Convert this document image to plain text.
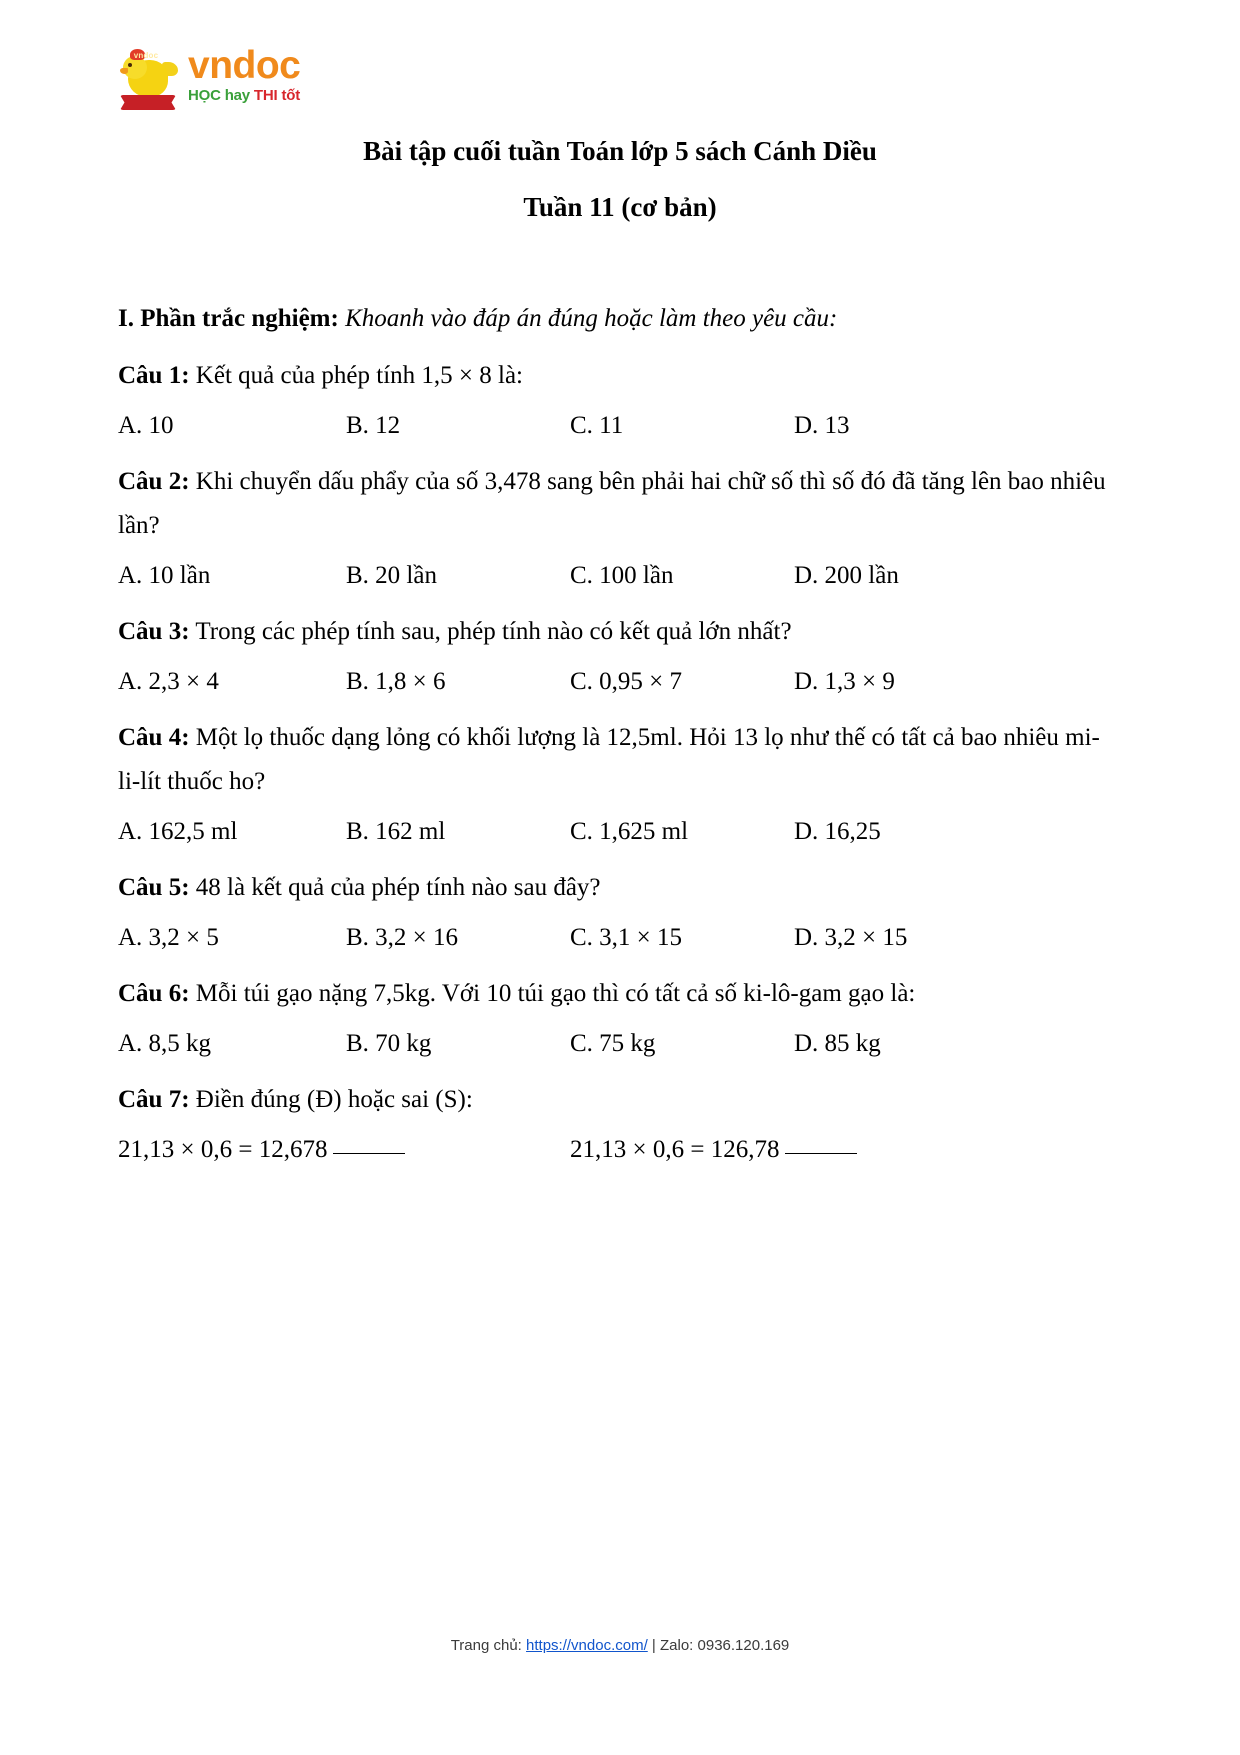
vndoc vndoc
HỌC hay THI tốt
Bài tập cuối tuần Toán lớp 5 sách Cánh Diều
Tuần 11 (cơ bản)
I. Phần trắc nghiệm: Khoanh vào đáp án đúng hoặc làm theo yêu cầu:
Câu 1: Kết quả của phép tính 1,5 × 8 là:
A. 10	B. 12	C. 11	D. 13
Câu 2: Khi chuyển dấu phẩy của số 3,478 sang bên phải hai chữ số thì số đó đã tăng lên bao nhiêu lần?
A. 10 lần	B. 20 lần	C. 100 lần	D. 200 lần
Câu 3: Trong các phép tính sau, phép tính nào có kết quả lớn nhất?
A. 2,3 × 4	B. 1,8 × 6	C. 0,95 × 7	D. 1,3 × 9
Câu 4: Một lọ thuốc dạng lỏng có khối lượng là 12,5ml. Hỏi 13 lọ như thế có tất cả bao nhiêu mi-li-lít thuốc ho?
A. 162,5 ml	B. 162 ml	C. 1,625 ml	D. 16,25
Câu 5: 48 là kết quả của phép tính nào sau đây?
A. 3,2 × 5	B. 3,2 × 16	C. 3,1 × 15	D. 3,2 × 15
Câu 6: Mỗi túi gạo nặng 7,5kg. Với 10 túi gạo thì có tất cả số ki-lô-gam gạo là:
A. 8,5 kg	B. 70 kg	C. 75 kg	D. 85 kg
Câu 7: Điền đúng (Đ) hoặc sai (S):
21,13 × 0,6 = 12,678	21,13 × 0,6 = 126,78
Trang chủ: https://vndoc.com/ | Zalo: 0936.120.169
